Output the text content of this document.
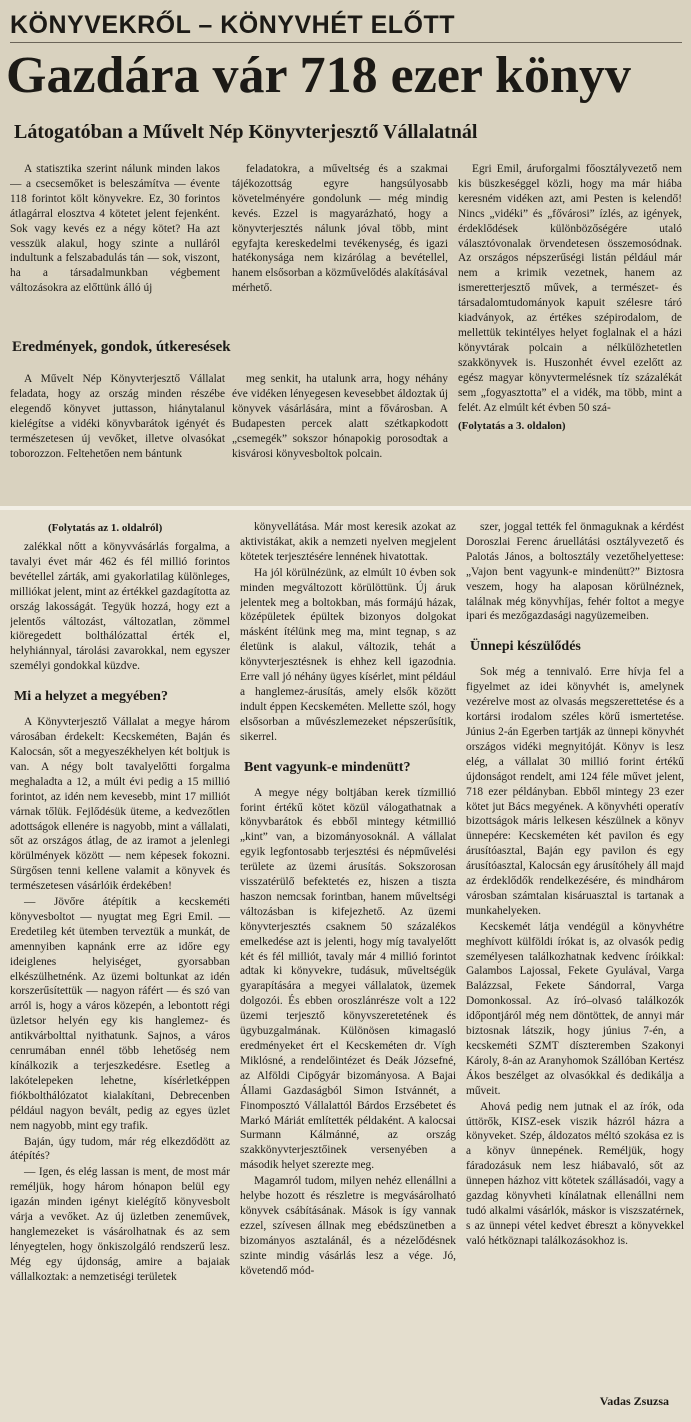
KÖNYVEKRŐL – KÖNYVHÉT ELŐTT
Gazdára vár 718 ezer könyv
Látogatóban a Művelt Nép Könyvterjesztő Vállalatnál

A statisztika szerint nálunk minden lakos — a csecsemőket is beleszámítva — évente 118 forintot költ könyvekre. Ez, 30 forintos átlagárral elosztva 4 kötetet jelent fejenként. Sok vagy kevés ez a négy kötet? Ha azt vesszük alakul, hogy szinte a nulláról indultunk a felszabadulás tán — sok, viszont, ha a társadalmunkban végbement változásokra az előttünk álló új

feladatokra, a műveltség és a szakmai tájékozottság egyre hangsúlyosabb követelményére gondolunk — még mindig kevés. Ezzel is magyarázható, hogy a könyvterjesztés nálunk jóval több, mint egyfajta kereskedelmi tevékenység, és igazi hatékonysága nem kizárólag a bevétellel, hanem elsősorban a közművelődés alakításával mérhető.

Eredmények, gondok, útkeresések

A Művelt Nép Könyvterjesztő Vállalat feladata, hogy az ország minden részébe elegendő könyvet juttasson, hiánytalanul kielégítse a vidéki könyvbarátok igényét és természetesen új vevőket, illetve olvasókat toborozzon. Feltehetően nem bántunk

meg senkit, ha utalunk arra, hogy néhány éve vidéken lényegesen kevesebbet áldoztak új könyvek vásárlására, mint a fővárosban. A Budapesten percek alatt szétkapkodott „csemegék” sokszor hónapokig porosodtak a kisvárosi könyvesboltok polcain.

Egri Emil, áruforgalmi főosztályvezető nem kis büszkeséggel közli, hogy ma már hiába keresném vidéken azt, ami Pesten is kelendő! Nincs „vidéki” és „fővárosi” ízlés, az igények, érdeklődések különbözőségére utaló választóvonalak örvendetesen összemosódnak. Az országos népszerűségi listán például már nem a krimik vezetnek, hanem az ismeretterjesztő művek, a természet- és társadalomtudományok kapuit szélesre táró kiadványok, az értékes szépirodalom, de mellettük tekintélyes helyet foglalnak el a házi könyvtárak polcain a nélkülözhetetlen szakkönyvek is. Huszonhét évvel ezelőtt az egész magyar könyvtermelésnek tíz százalékát sem „fogyasztotta” el a vidék, ma több, mint a felét. Az elmúlt két évben 50 szá-

(Folytatás a 3. oldalon)

(Folytatás az 1. oldalról)

zalékkal nőtt a könyvvásárlás forgalma, a tavalyi évet már 462 és fél millió forintos bevétellel zárták, ami gyakorlatilag különleges, milliókat jelent, mint az értékkel gazdagította az ország lakosságát. Tegyük hozzá, hogy ezt a jelentős változást, változatlan, zömmel kiöregedett bolthálózattal érték el, helyhiánnyal, tárolási zavarokkal, nem egyszer személyi gondokkal küzdve.

Mi a helyzet a megyében?

A Könyvterjesztő Vállalat a megye három városában érdekelt: Kecskeméten, Baján és Kalocsán, sőt a megyeszékhelyen két boltjuk is van. A négy bolt tavalyelőtti forgalma meghaladta a 12, a múlt évi pedig a 15 millió forintot, az idén nem kevesebb, mint 17 milliót várnak tőlük. Fejlődésük üteme, a kedvezőtlen adottságok ellenére is nagyobb, mint a vállalati, sőt az országos átlag, de az iramot a jelenlegi körülmények között — nem képesek fokozni. Sürgősen tenni kellene valamit a könyvek és természetesen vásárlóik érdekében!

— Jövőre átépítik a kecskeméti könyvesboltot — nyugtat meg Egri Emil. — Eredetileg két ütemben terveztük a munkát, de amennyiben kapnánk erre az időre egy ideiglenes helyiséget, gyorsabban elkészülhetnénk. Az üzemi boltunkat az idén korszerűsítettük — nagyon ráfért — és szó van arról is, hogy a város közepén, a lebontott régi üzletsor helyén egy kis hanglemez- és antikvárbolttal nyithatunk. Sajnos, a város cenrumában ennél több lehetőség nem kínálkozik a terjeszkedésre. Esetleg a lakótelepeken lehetne, kísérletképpen fiókbolthálózatot kialakítani, Debrecenben például nagyon bevált, pedig az egyes üzlet nem nagyobb, mint egy trafik.

Baján, úgy tudom, már rég elkezdődött az átépítés?

— Igen, és elég lassan is ment, de most már reméljük, hogy három hónapon belül egy igazán minden igényt kielégítő könyvesbolt várja a vevőket. Az új üzletben zeneművek, hanglemezeket is vásárolhatnak és az sem lényegtelen, hogy önkiszolgáló rendszerű lesz. Még egy újdonság, amire a bajaiak vállalkoztak: a nemzetiségi területek

könyvellátása. Már most keresik azokat az aktivistákat, akik a nemzeti nyelven megjelent kötetek terjesztésére lennének hivatottak.

Ha jól körülnézünk, az elmúlt 10 évben sok minden megváltozott körülöttünk. Új áruk jelentek meg a boltokban, más formájú házak, középületek épültek bizonyos dolgokat másként ítélünk meg ma, mint tegnap, s az életünk is alakul, változik, tehát a könyvterjesztésnek is ehhez kell igazodnia. Erre vall jó néhány ügyes kísérlet, mint például a hanglemez-árusítás, amely elsők között indult éppen Kecskeméten. Mellette szól, hogy elsősorban a művészlemezeket népszerűsítik, sikerrel.

Bent vagyunk-e mindenütt?

A megye négy boltjában kerek tízmillió forint értékű kötet közül válogathatnak a könyvbarátok és ebből mintegy kétmillió „kint” van, a bizományosoknál. A vállalat egyik legfontosabb terjesztési és népművelési területe az üzemi árusítás. Sokszorosan visszatérülő befektetés ez, hiszen a tiszta haszon nemcsak forintban, hanem műveltségi változásban is kifejezhető. Az üzemi könyvterjesztés csaknem 50 százalékos emelkedése azt is jelenti, hogy míg tavalyelőtt két és fél milliót, tavaly már 4 millió forintot adtak ki könyvekre, tudásuk, műveltségük gyarapítására a megyei vállalatok, üzemek dolgozói. És ebben oroszlánrésze volt a 122 üzemi terjesztő könyvszeretetének és ügybuzgalmának. Különösen kimagasló eredményeket ért el Kecskeméten dr. Vígh Miklósné, a rendelőintézet és Deák Józsefné, az Alföldi Cipőgyár bizományosa. A Bajai Állami Gazdaságból Simon Istvánnét, a Finomposztó Vállalattól Bárdos Erzsébetet és Markó Máriát említették példaként. A kalocsai Surmann Kálmánné, az ország szakkönyvterjesztőinek versenyében a második helyet szerezte meg.

Magamról tudom, milyen nehéz ellenállni a helybe hozott és részletre is megvásárolható könyvek csábításának. Mások is így vannak ezzel, szívesen állnak meg ebédszünetben a bizományos asztalánál, és a nézelődésnek szinte mindig vásárlás lesz a vége. Jó, követendő mód-

szer, joggal tették fel önmaguknak a kérdést Doroszlai Ferenc áruellátási osztályvezető és Palotás János, a boltosztály vezetőhelyettese: „Vajon bent vagyunk-e mindenütt?” Biztosra veszem, hogy ha alaposan körülnéznek, találnak még könyvhíjas, fehér foltot a megye ipari és mezőgazdasági nagyüzemeiben.

Ünnepi készülődés

Sok még a tennivaló. Erre hívja fel a figyelmet az idei könyvhét is, amelynek vezérelve most az olvasás megszerettetése és a kortársi irodalom széles körű ismertetése. Június 2-án Egerben tartják az ünnepi könyvhét országos vidéki megnyitóját. Könyv is lesz elég, a vállalat 30 millió forint értékű újdonságot rendelt, ami 124 féle művet jelent, 718 ezer példányban. Ebből mintegy 23 ezer kötet jut Bács megyének. A könyvhéti operatív bizottságok máris lelkesen készülnek a könyv ünnepére: Kecskeméten két pavilon és egy árusítóasztal, Baján egy pavilon és egy árusítóasztal, Kalocsán egy árusítóhely áll majd az érdeklődők rendelkezésére, és mindhárom városban számtalan kisáruasztal is tartanak a munkahelyeken.

Kecskemét látja vendégül a könyvhétre meghívott külföldi írókat is, az olvasók pedig személyesen találkozhatnak kedvenc íróikkal: Galambos Lajossal, Fekete Gyulával, Varga Balázzsal, Fekete Sándorral, Varga Domonkossal. Az író–olvasó találkozók időpontjáról még nem döntöttek, de annyi már biztosnak látszik, hogy június 7-én, a kecskeméti SZMT díszteremben Szakonyi Károly, 8-án az Aranyhomok Szállóban Kertész Ákos beszélget az olvasókkal és dedikálja a műveit.

Ahová pedig nem jutnak el az írók, oda úttörők, KISZ-esek viszik házról házra a könyveket. Szép, áldozatos méltó szokása ez is a könyv ünnepének. Reméljük, hogy fáradozásuk nem lesz hiábavaló, sőt az ünnepen házhoz vitt kötetek szállásadói, vagy a gazdag könyvheti kínálatnak ellenállni nem tudó alkalmi vásárlók, máskor is viszszatérnek, s az ünnepi vétel kedvet ébreszt a könyvekkel való hétköznapi találkozásokhoz is.

Vadas Zsuzsa
